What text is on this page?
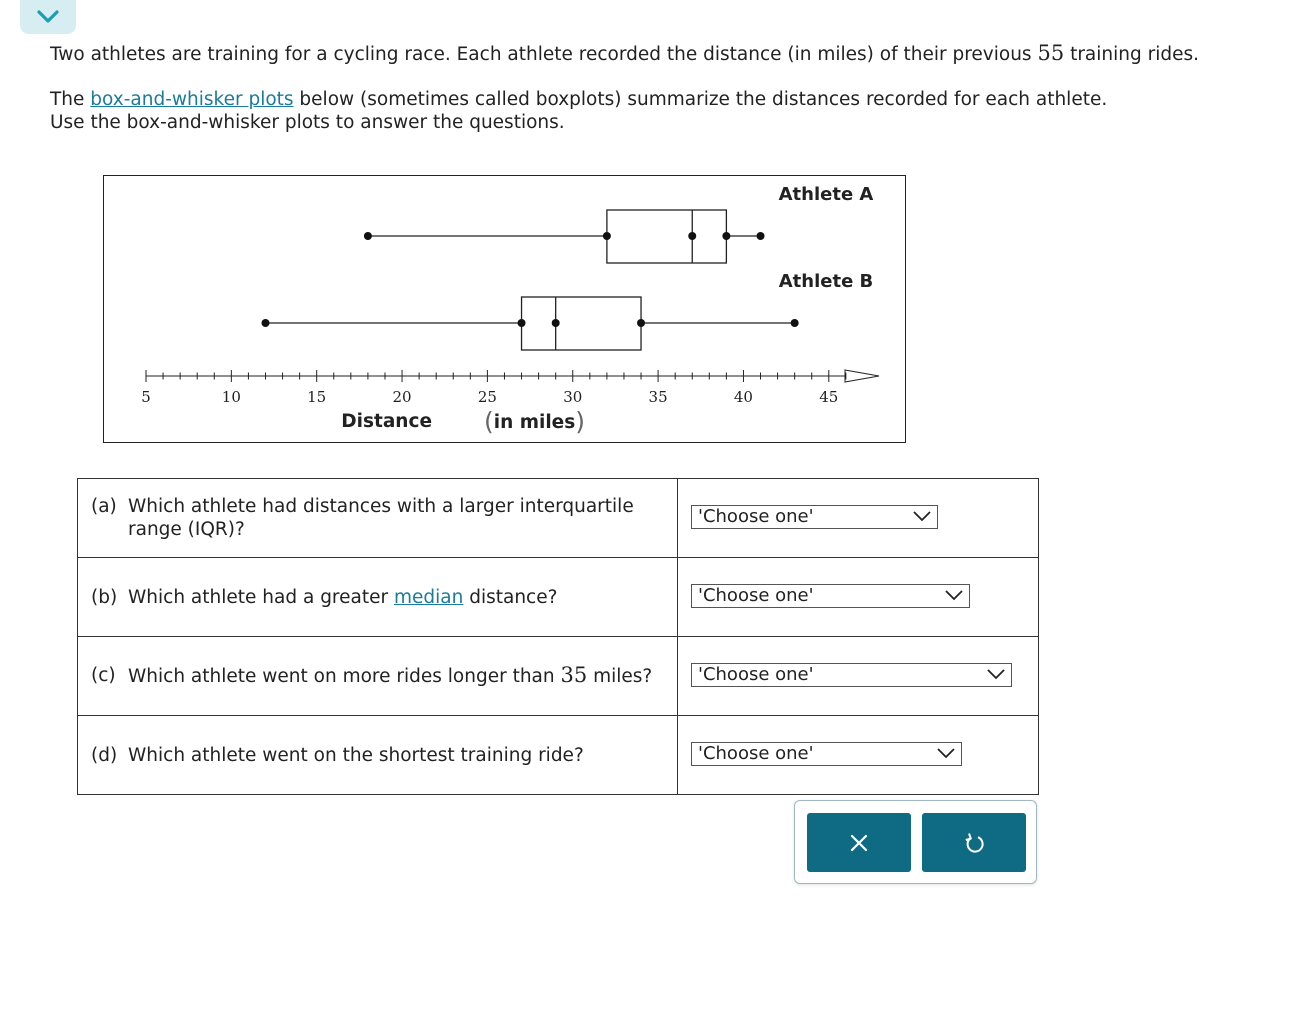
Two athletes are training for a cycling race. Each athlete recorded the distance (in miles) of their previous 55 training rides.

The box-and-whisker plots below (sometimes called boxplots) summarize the distances recorded for each athlete.

Use the box-and-whisker plots to answer the questions.

5	10	15	20	25	30	35	40	45
Athlete A
Athlete B
Distance (in miles)
(a) Which athlete had distances with a larger interquartile range (IQR)?	'Choose one'

(b) Which athlete had a greater median distance?	'Choose one'

(c) Which athlete went on more rides longer than 35 miles?	'Choose one'

(d) Which athlete went on the shortest training ride?	'Choose one'
